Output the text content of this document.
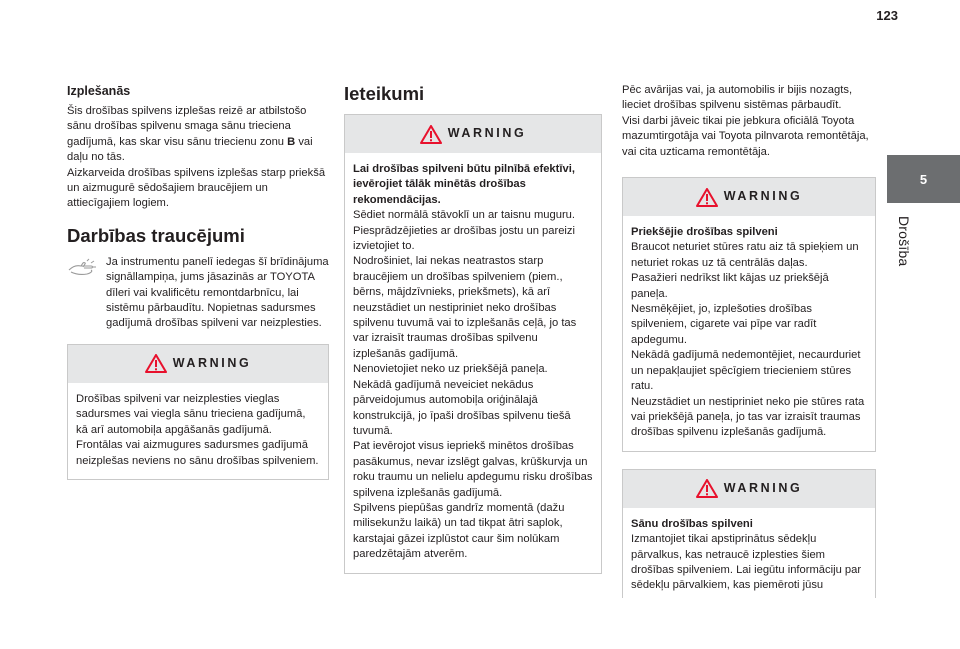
123
5
Drošība
Izplešanās

Šis drošības spilvens izplešas reizē ar atbilstošo sānu drošības spilvenu smaga sānu trieciena gadījumā, kas skar visu sānu triecienu zonu B vai daļu no tās.

Aizkarveida drošības spilvens izplešas starp priekšā un aizmugurē sēdošajiem braucējiem un attiecīgajiem logiem.

Darbības traucējumi

Ja instrumentu panelī iedegas šī brīdinājuma signāllampiņa, jums jāsazinās ar TOYOTA dīleri vai kvalificētu remontdarbnīcu, lai sistēmu pārbaudītu. Nopietnas sadursmes gadījumā drošības spilveni var neizplesties.

WARNING

Drošības spilveni var neizplesties vieglas sadursmes vai viegla sānu trieciena gadījumā, kā arī automobiļa apgāšanās gadījumā.

Frontālas vai aizmugures sadursmes gadījumā neizplešas neviens no sānu drošības spilveniem.

Ieteikumi
WARNING

Lai drošības spilveni būtu pilnībā efektīvi, ievērojiet tālāk minētās drošības rekomendācijas.

Sēdiet normālā stāvoklī un ar taisnu muguru.

Piesprādzējieties ar drošības jostu un pareizi izvietojiet to.

Nodrošiniet, lai nekas neatrastos starp braucējiem un drošības spilveniem (piem., bērns, mājdzīvnieks, priekšmets), kā arī neuzstādiet un nestipriniet neko drošības spilvenu tuvumā vai to izplešanās ceļā, jo tas var izraisīt traumas drošības spilvenu izplešanās gadījumā.

Nenovietojiet neko uz priekšējā paneļa.

Nekādā gadījumā neveiciet nekādus pārveidojumus automobiļa oriģinālajā konstrukcijā, jo īpaši drošības spilvenu tiešā tuvumā.

Pat ievērojot visus iepriekš minētos drošības pasākumus, nevar izslēgt galvas, krūškurvja un roku traumu un nelielu apdegumu risku drošības spilvena izplešanās gadījumā.

Spilvens piepūšas gandrīz momentā (dažu milisekunžu laikā) un tad tikpat ātri saplok, karstajai gāzei izplūstot caur šim nolūkam paredzētajām atverēm.

Pēc avārijas vai, ja automobilis ir bijis nozagts, lieciet drošības spilvenu sistēmas pārbaudīt.

Visi darbi jāveic tikai pie jebkura oficiālā Toyota mazumtirgotāja vai Toyota pilnvarota remontētāja, vai cita uzticama remontētāja.

WARNING

Priekšējie drošības spilveni

Braucot neturiet stūres ratu aiz tā spieķiem un neturiet rokas uz tā centrālās daļas.

Pasažieri nedrīkst likt kājas uz priekšējā paneļa.

Nesmēķējiet, jo, izplešoties drošības spilveniem, cigarete vai pīpe var radīt apdegumu.

Nekādā gadījumā nedemontējiet, necaurduriet un nepakļaujiet spēcīgiem triecieniem stūres ratu.

Neuzstādiet un nestipriniet neko pie stūres rata vai priekšējā paneļa, jo tas var izraisīt traumas drošības spilvenu izplešanās gadījumā.

WARNING

Sānu drošības spilveni

Izmantojiet tikai apstiprinātus sēdekļu pārvalkus, kas netraucē izplesties šiem drošības spilveniem. Lai iegūtu informāciju par sēdekļu pārvalkiem, kas piemēroti jūsu
